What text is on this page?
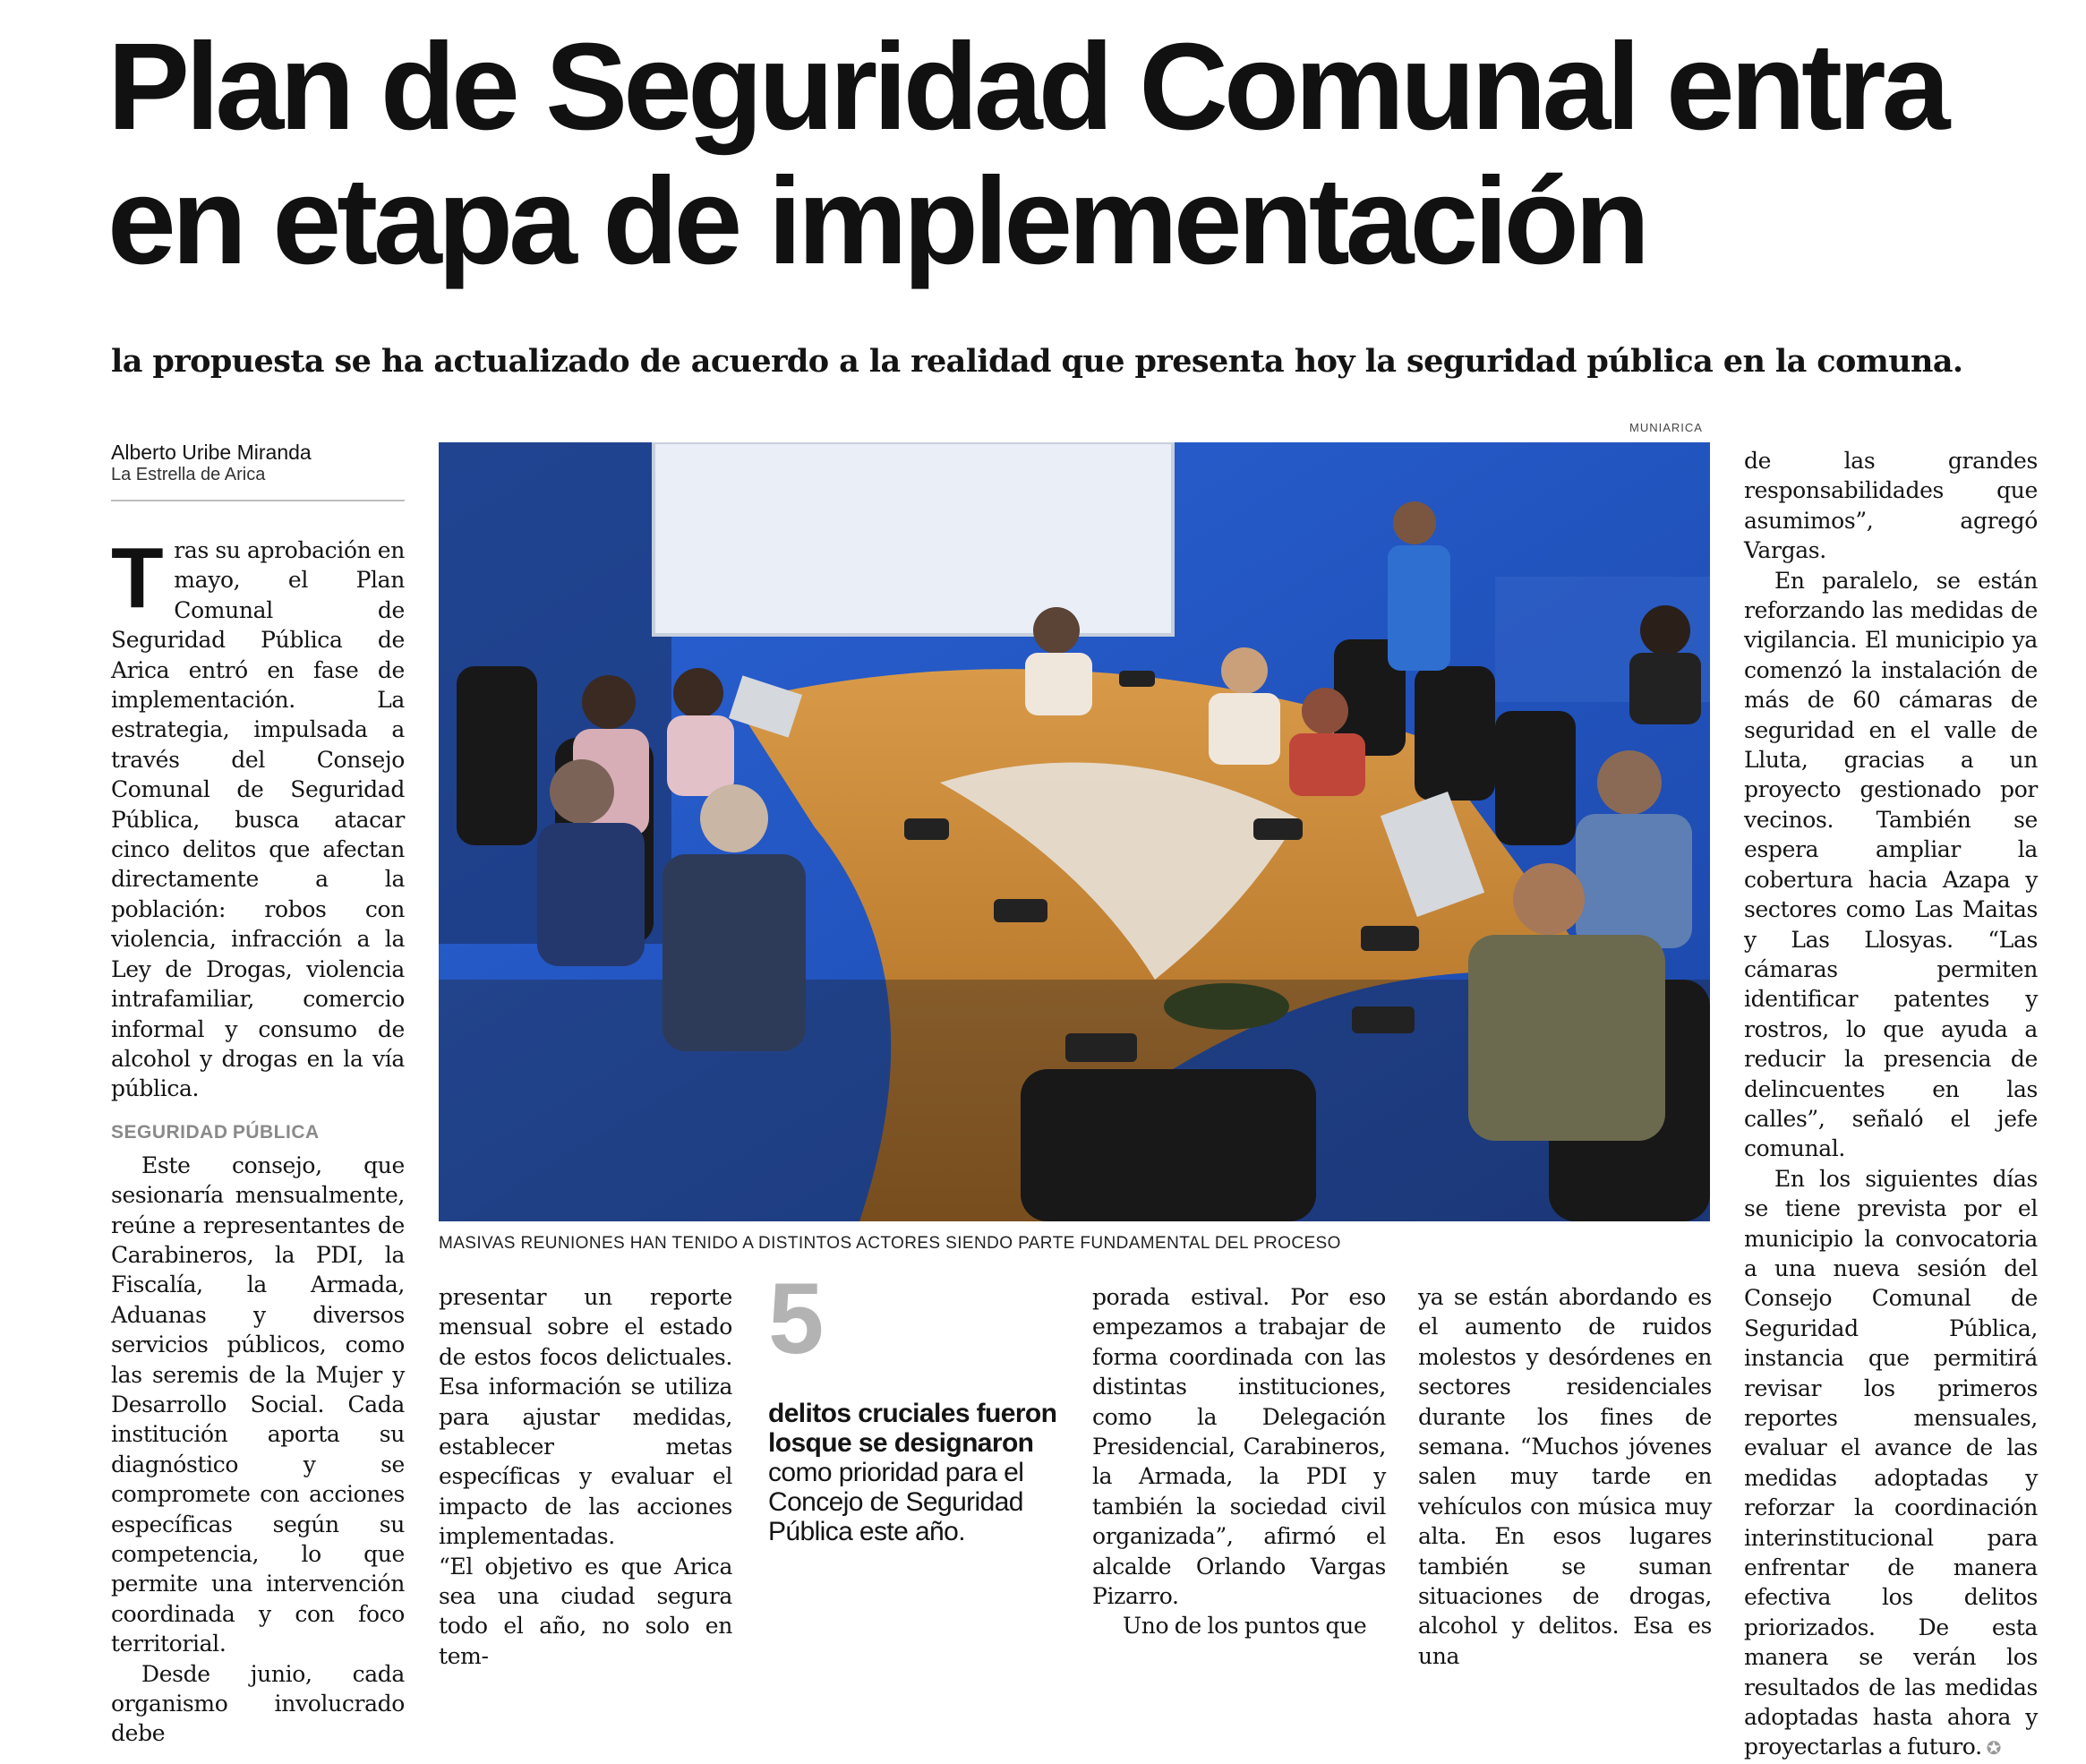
Plan de Seguridad Comunal entra
en etapa de implementación

la propuesta se ha actualizado de acuerdo a la realidad que presenta hoy la seguridad pública en la comuna.

Alberto Uribe Miranda
La Estrella de Arica

Tras su aprobación en mayo, el Plan Comunal de Seguridad Pública de Arica entró en fase de implementación. La estrategia, impulsada a través del Consejo Comunal de Seguridad Pública, busca atacar cinco delitos que afectan directamente a la población: robos con violencia, infracción a la Ley de Drogas, violencia intrafamiliar, comercio informal y consumo de alcohol y drogas en la vía pública.

SEGURIDAD PÚBLICA

Este consejo, que sesionaría mensualmente, reúne a representantes de Carabineros, la PDI, la Fiscalía, la Armada, Aduanas y diversos servicios públicos, como las seremis de la Mujer y Desarrollo Social. Cada institución aporta su diagnóstico y se compromete con acciones específicas según su competencia, lo que permite una intervención coordinada y con foco territorial.

Desde junio, cada organismo involucrado debe

MUNIARICA
MASIVAS REUNIONES HAN TENIDO A DISTINTOS ACTORES SIENDO PARTE FUNDAMENTAL DEL PROCESO

presentar un reporte mensual sobre el estado de estos focos delictuales. Esa información se utiliza para ajustar medidas, establecer metas específicas y evaluar el impacto de las acciones implementadas.

“El objetivo es que Arica sea una ciudad segura todo el año, no solo en tem-

5
delitos cruciales fueron losque se designaron
como prioridad para el Concejo de Seguridad Pública este año.

porada estival. Por eso empezamos a trabajar de forma coordinada con las distintas instituciones, como la Delegación Presidencial, Carabineros, la Armada, la PDI y también la sociedad civil organizada”, afirmó el alcalde Orlando Vargas Pizarro.

Uno de los puntos que

ya se están abordando es el aumento de ruidos molestos y desórdenes en sectores residenciales durante los fines de semana. “Muchos jóvenes salen muy tarde en vehículos con música muy alta. En esos lugares también se suman situaciones de drogas, alcohol y delitos. Esa es una

de las grandes responsabilidades que asumimos”, agregó Vargas.

En paralelo, se están reforzando las medidas de vigilancia. El municipio ya comenzó la instalación de más de 60 cámaras de seguridad en el valle de Lluta, gracias a un proyecto gestionado por vecinos. También se espera ampliar la cobertura hacia Azapa y sectores como Las Maitas y Las Llosyas. “Las cámaras permiten identificar patentes y rostros, lo que ayuda a reducir la presencia de delincuentes en las calles”, señaló el jefe comunal.

En los siguientes días se tiene prevista por el municipio la convocatoria a una nueva sesión del Consejo Comunal de Seguridad Pública, instancia que permitirá revisar los primeros reportes mensuales, evaluar el avance de las medidas adoptadas y reforzar la coordinación interinstitucional para enfrentar de manera efectiva los delitos priorizados. De esta manera se verán los resultados de las medidas adoptadas hasta ahora y proyectarlas a futuro. ✪
